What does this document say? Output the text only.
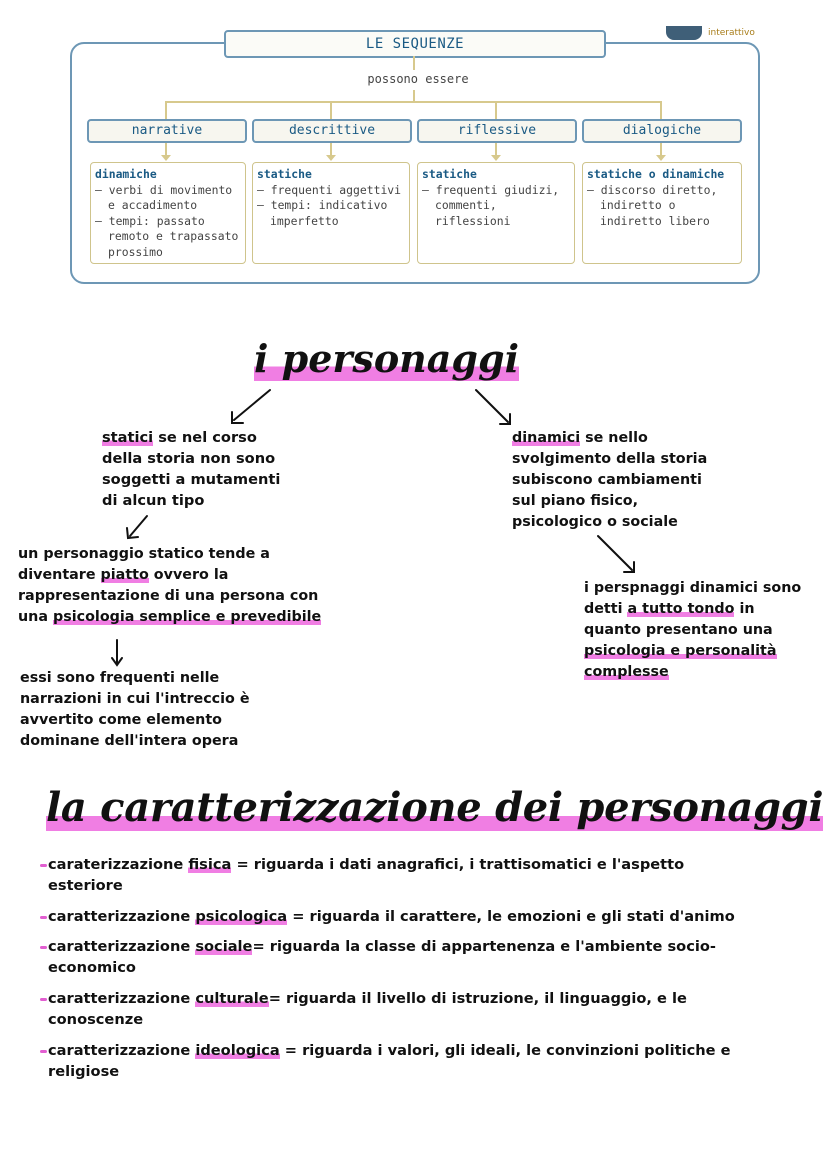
interattivo
LE SEQUENZE
possono essere
narrative	descrittive	riflessive	dialogiche
dinamiche
– verbi di movimento e accadimento
– tempi: passato remoto e trapassato prossimo
statiche
– frequenti aggettivi
– tempi: indicativo imperfetto
statiche
– frequenti giudizi, commenti, riflessioni
statiche o dinamiche
– discorso diretto, indiretto o indiretto libero
i personaggi
statici se nel corso
della storia non sono
soggetti a mutamenti
di alcun tipo
un personaggio statico tende a
diventare piatto ovvero la
rappresentazione di una persona con
una psicologia semplice e prevedibile
essi sono frequenti nelle
narrazioni in cui l'intreccio è
avvertito come elemento
dominane dell'intera opera
dinamici se nello
svolgimento della storia
subiscono cambiamenti
sul piano fisico,
psicologico o sociale
i perspnaggi dinamici sono
detti a tutto tondo in
quanto presentano una
psicologia e personalità
complesse
la caratterizzazione dei personaggi
caraterizzazione fisica = riguarda i dati anagrafici, i trattisomatici e l'aspetto
esteriore
caratterizzazione psicologica = riguarda il carattere, le emozioni e gli stati d'animo
caratterizzazione sociale= riguarda la classe di appartenenza e l'ambiente socio-
economico
caratterizzazione culturale= riguarda il livello di istruzione, il linguaggio, e le
conoscenze
caratterizzazione ideologica = riguarda i valori, gli ideali, le convinzioni politiche e
religiose
